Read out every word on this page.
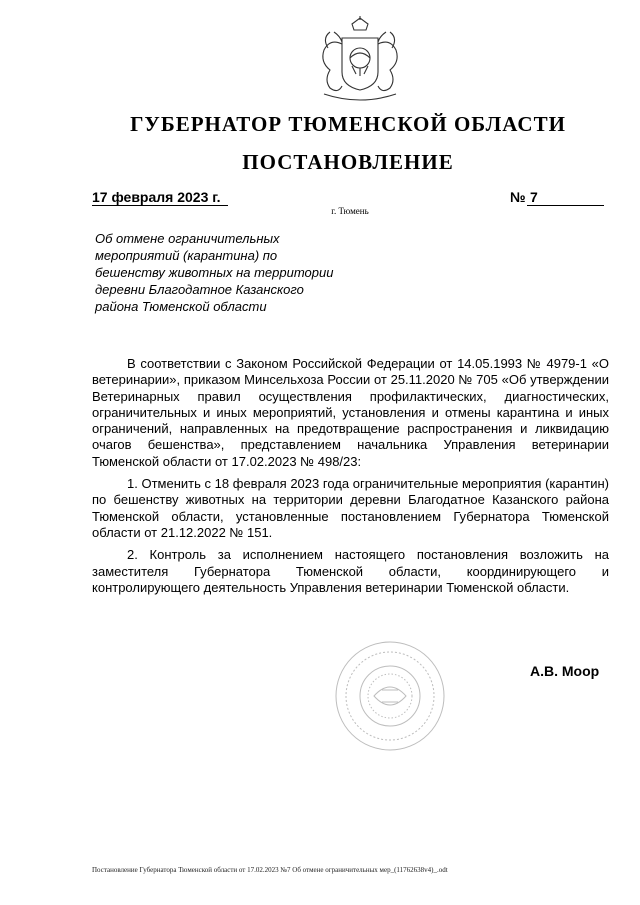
ГУБЕРНАТОР ТЮМЕНСКОЙ ОБЛАСТИ
ПОСТАНОВЛЕНИЕ
17 февраля 2023 г.	№ 7
г. Тюмень
Об отмене ограничительных
мероприятий (карантина) по
бешенству животных на территории
деревни Благодатное Казанского
района Тюменской области

В соответствии с Законом Российской Федерации от 14.05.1993 № 4979-1 «О ветеринарии», приказом Минсельхоза России от 25.11.2020 № 705 «Об утверждении Ветеринарных правил осуществления профилактических, диагностических, ограничительных и иных мероприятий, установления и отмены карантина и иных ограничений, направленных на предотвращение распространения и ликвидацию очагов бешенства», представлением начальника Управления ветеринарии Тюменской области от 17.02.2023 № 498/23:

1. Отменить с 18 февраля 2023 года ограничительные мероприятия (карантин) по бешенству животных на территории деревни Благодатное Казанского района Тюменской области, установленные постановлением Губернатора Тюменской области от 21.12.2022 № 151.

2. Контроль за исполнением настоящего постановления возложить на заместителя Губернатора Тюменской области, координирующего и контролирующего деятельность Управления ветеринарии Тюменской области.

А.В. Моор
Постановление Губернатора Тюменской области от 17.02.2023 №7 Об отмене ограничительных мер_(11762638v4)_.odt
